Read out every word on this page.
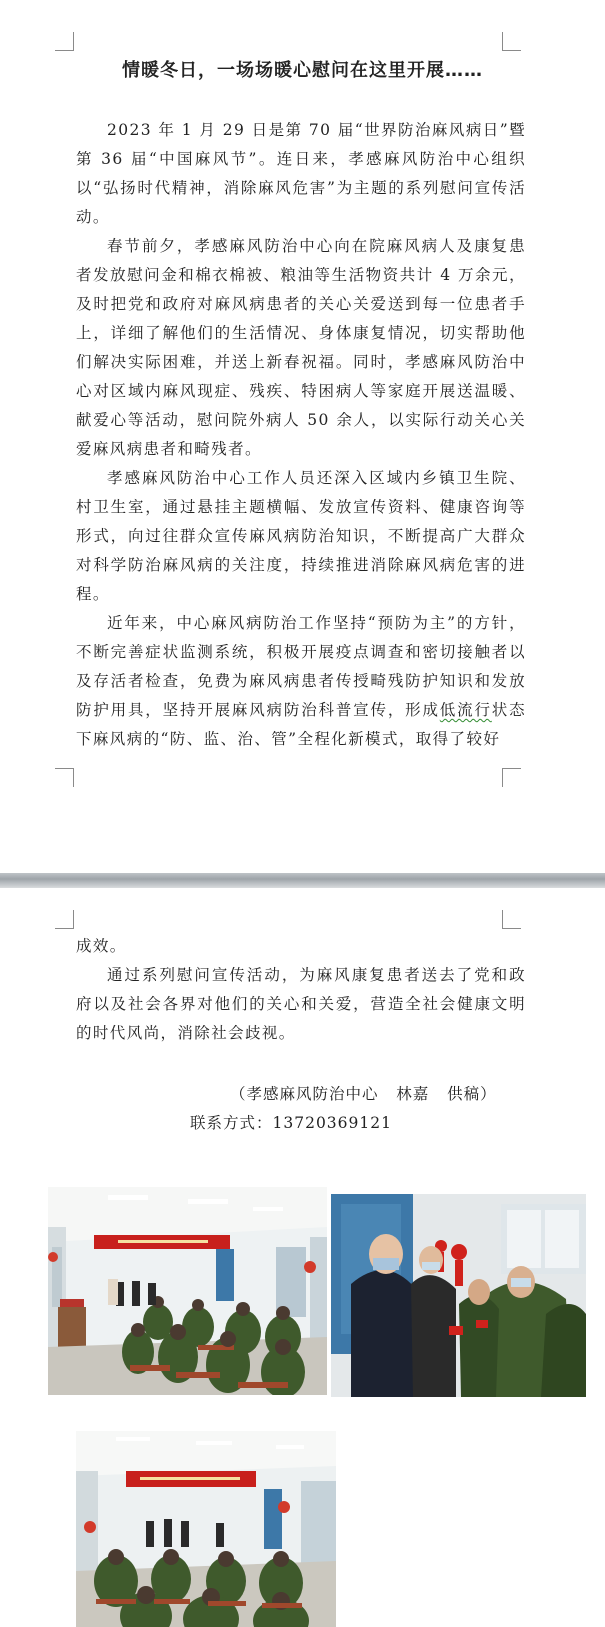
情暖冬日，一场场暖心慰问在这里开展……

2023 年 1 月 29 日是第 70 届“世界防治麻风病日”暨第 36 届“中国麻风节”。连日来，孝感麻风防治中心组织以“弘扬时代精神，消除麻风危害”为主题的系列慰问宣传活动。

春节前夕，孝感麻风防治中心向在院麻风病人及康复患者发放慰问金和棉衣棉被、粮油等生活物资共计 4 万余元，及时把党和政府对麻风病患者的关心关爱送到每一位患者手上，详细了解他们的生活情况、身体康复情况，切实帮助他们解决实际困难，并送上新春祝福。同时，孝感麻风防治中心对区域内麻风现症、残疾、特困病人等家庭开展送温暖、献爱心等活动，慰问院外病人 50 余人，以实际行动关心关爱麻风病患者和畸残者。

孝感麻风防治中心工作人员还深入区域内乡镇卫生院、村卫生室，通过悬挂主题横幅、发放宣传资料、健康咨询等形式，向过往群众宣传麻风病防治知识，不断提高广大群众对科学防治麻风病的关注度，持续推进消除麻风病危害的进程。

近年来，中心麻风病防治工作坚持“预防为主”的方针，不断完善症状监测系统，积极开展疫点调查和密切接触者以及存活者检查，免费为麻风病患者传授畸残防护知识和发放防护用具，坚持开展麻风病防治科普宣传，形成低流行状态下麻风病的“防、监、治、管”全程化新模式，取得了较好

成效。

通过系列慰问宣传活动，为麻风康复患者送去了党和政府以及社会各界对他们的关心和关爱，营造全社会健康文明的时代风尚，消除社会歧视。

（孝感麻风防治中心   林嘉   供稿）
联系方式：13720369121
